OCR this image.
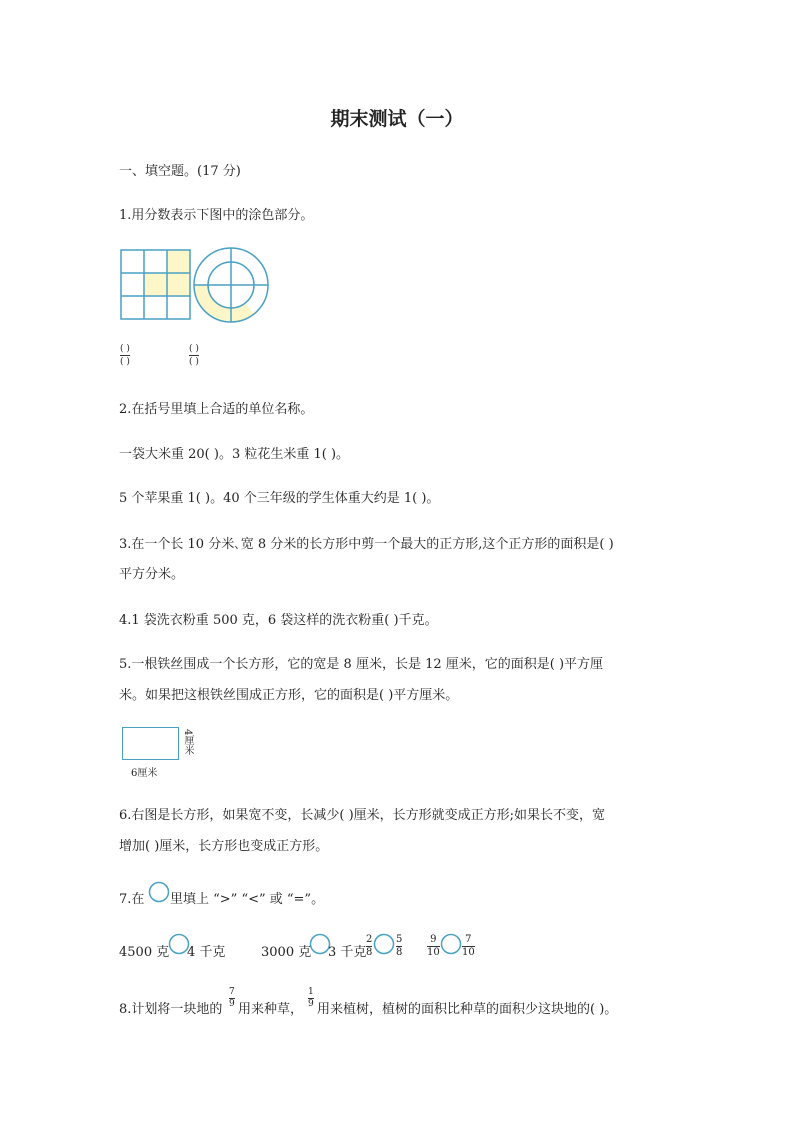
期末测试（一）
一、填空题。(17 分)
1.用分数表示下图中的涂色部分。
( )
( )
( )
( )
2.在括号里填上合适的单位名称。
一袋大米重 20( )。3 粒花生米重 1( )。
5 个苹果重 1( )。40 个三年级的学生体重大约是 1( )。
3.在一个长 10 分米､宽 8 分米的长方形中剪一个最大的正方形,这个正方形的面积是( )
平方分米。
4.1 袋洗衣粉重 500 克，6 袋这样的洗衣粉重( )千克。
5.一根铁丝围成一个长方形，它的宽是 8 厘米，长是 12 厘米，它的面积是( )平方厘
米。如果把这根铁丝围成正方形，它的面积是( )平方厘米。
4厘米
6厘米
6.右图是长方形，如果宽不变，长减少( )厘米，长方形就变成正方形;如果长不变，宽
增加( )厘米，长方形也变成正方形。
7.在 里填上 “>” “<” 或 “=”。
4500 克 4 千克	3000 克 3 千克
2
8
5
8
9
10
7
10
8.计划将一块地的
7
9 用来种草，
1
9 用来植树，植树的面积比种草的面积少这块地的( )。
